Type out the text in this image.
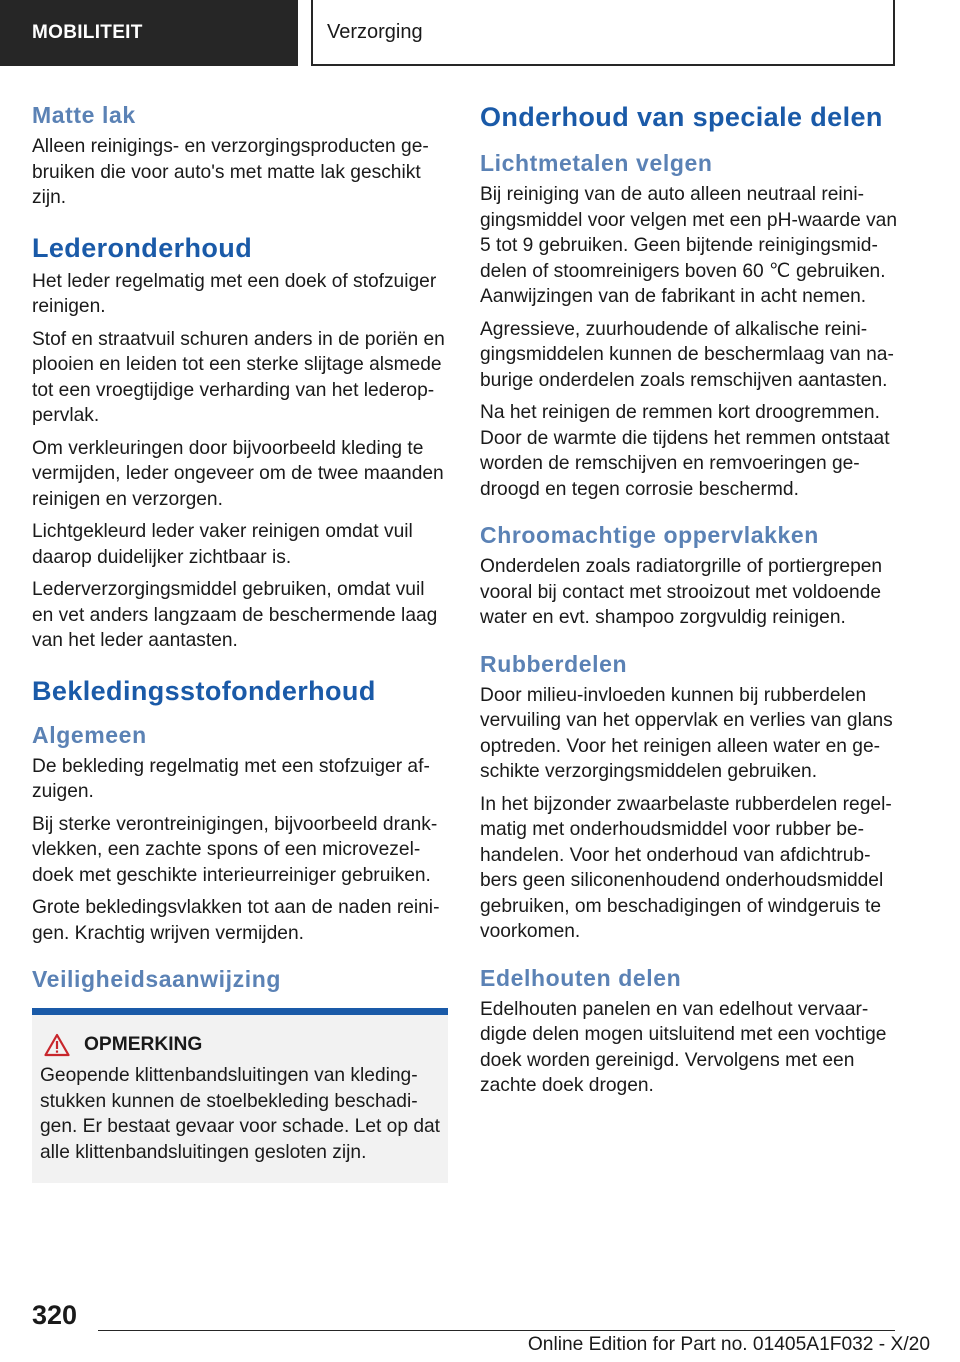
MOBILITEIT	Verzorging
Matte lak

Alleen reinigings- en verzorgingsproducten gebruiken die voor auto's met matte lak geschikt zijn.

Lederonderhoud

Het leder regelmatig met een doek of stofzuiger reinigen.

Stof en straatvuil schuren anders in de poriën en plooien en leiden tot een sterke slijtage alsmede tot een vroegtijdige verharding van het lederoppervlak.

Om verkleuringen door bijvoorbeeld kleding te vermijden, leder ongeveer om de twee maanden reinigen en verzorgen.

Lichtgekleurd leder vaker reinigen omdat vuil daarop duidelijker zichtbaar is.

Lederverzorgingsmiddel gebruiken, omdat vuil en vet anders langzaam de beschermende laag van het leder aantasten.

Bekledingsstofonderhoud
Algemeen

De bekleding regelmatig met een stofzuiger afzuigen.

Bij sterke verontreinigingen, bijvoorbeeld drankvlekken, een zachte spons of een microvezeldoek met geschikte interieurreiniger gebruiken.

Grote bekledingsvlakken tot aan de naden reinigen. Krachtig wrijven vermijden.

Veiligheidsaanwijzing
OPMERKING

Geopende klittenbandsluitingen van kledingstukken kunnen de stoelbekleding beschadigen. Er bestaat gevaar voor schade. Let op dat alle klittenbandsluitingen gesloten zijn.

Onderhoud van speciale delen
Lichtmetalen velgen

Bij reiniging van de auto alleen neutraal reinigingsmiddel voor velgen met een pH-waarde van 5 tot 9 gebruiken. Geen bijtende reinigingsmiddelen of stoomreinigers boven 60 ℃ gebruiken. Aanwijzingen van de fabrikant in acht nemen.

Agressieve, zuurhoudende of alkalische reinigingsmiddelen kunnen de beschermlaag van naburige onderdelen zoals remschijven aantasten.

Na het reinigen de remmen kort droogremmen. Door de warmte die tijdens het remmen ontstaat worden de remschijven en remvoeringen gedroogd en tegen corrosie beschermd.

Chroomachtige oppervlakken

Onderdelen zoals radiatorgrille of portiergrepen vooral bij contact met strooizout met voldoende water en evt. shampoo zorgvuldig reinigen.

Rubberdelen

Door milieu-invloeden kunnen bij rubberdelen vervuiling van het oppervlak en verlies van glans optreden. Voor het reinigen alleen water en geschikte verzorgingsmiddelen gebruiken.

In het bijzonder zwaarbelaste rubberdelen regelmatig met onderhoudsmiddel voor rubber behandelen. Voor het onderhoud van afdichtrubbers geen siliconenhoudend onderhoudsmiddel gebruiken, om beschadigingen of windgeruis te voorkomen.

Edelhouten delen

Edelhouten panelen en van edelhout vervaardigde delen mogen uitsluitend met een vochtige doek worden gereinigd. Vervolgens met een zachte doek drogen.

320
Online Edition for Part no. 01405A1F032 - X/20
